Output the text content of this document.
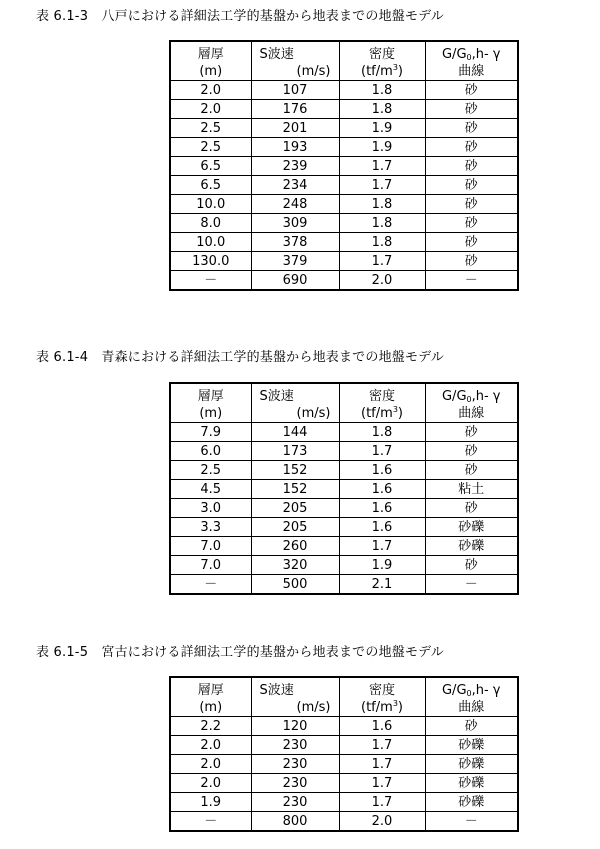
表 6.1-3　八戸における詳細法工学的基盤から地表までの地盤モデル
層厚	S波速	密度	$G/G_0,h-$ γ
(m)	(m/s)	$(tf/m^3)$	曲線
2.0	107	1.8	砂
2.0	176	1.8	砂
2.5	201	1.9	砂
2.5	193	1.9	砂
6.5	239	1.7	砂
6.5	234	1.7	砂
10.0	248	1.8	砂
8.0	309	1.8	砂
10.0	378	1.8	砂
130.0	379	1.7	砂
－	690	2.0	－
表 6.1-4　青森における詳細法工学的基盤から地表までの地盤モデル
層厚	S波速	密度	$G/G_0,h-$ γ
(m)	(m/s)	$(tf/m^3)$	曲線
7.9	144	1.8	砂
6.0	173	1.7	砂
2.5	152	1.6	砂
4.5	152	1.6	粘土
3.0	205	1.6	砂
3.3	205	1.6	砂礫
7.0	260	1.7	砂礫
7.0	320	1.9	砂
－	500	2.1	－
表 6.1-5　宮古における詳細法工学的基盤から地表までの地盤モデル
層厚	S波速	密度	$G/G_0,h-$ γ
(m)	(m/s)	$(tf/m^3)$	曲線
2.2	120	1.6	砂
2.0	230	1.7	砂礫
2.0	230	1.7	砂礫
2.0	230	1.7	砂礫
1.9	230	1.7	砂礫
－	800	2.0	－
